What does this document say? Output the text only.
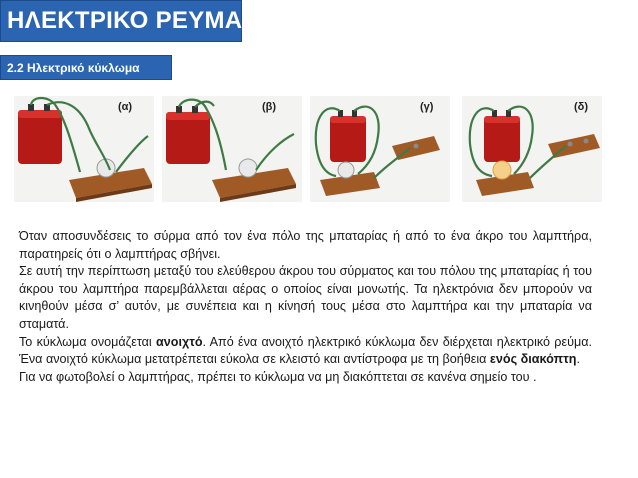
ΗΛΕΚΤΡΙΚΟ ΡΕΥΜΑ
2.2 Ηλεκτρικό κύκλωμα
(α)	(β)	(γ)	(δ)

Όταν αποσυνδέσεις το σύρμα από τον ένα πόλο της μπαταρίας ή από το ένα άκρο του λαμπτήρα, παρατηρείς ότι ο λαμπτήρας σβήνει.

Σε αυτή την περίπτωση μεταξύ του ελεύθερου άκρου του σύρματος και του πόλου της μπαταρίας ή του άκρου του λαμπτήρα παρεμβάλλεται αέρας ο οποίος είναι μονωτής. Τα ηλεκτρόνια δεν μπορούν να κινηθούν μέσα σ’ αυτόν, με συνέπεια και η κίνησή τους μέσα στο λαμπτήρα και την μπαταρία να σταματά.

Το κύκλωμα ονομάζεται ανοιχτό. Από ένα ανοιχτό ηλεκτρικό κύκλωμα δεν διέρχεται ηλεκτρικό ρεύμα. Ένα ανοιχτό κύκλωμα μετατρέπεται εύκολα σε κλειστό και αντίστροφα με τη βοήθεια ενός διακόπτη.

Για να φωτοβολεί ο λαμπτήρας, πρέπει το κύκλωμα να μη διακόπτεται σε κανένα σημείο του .
